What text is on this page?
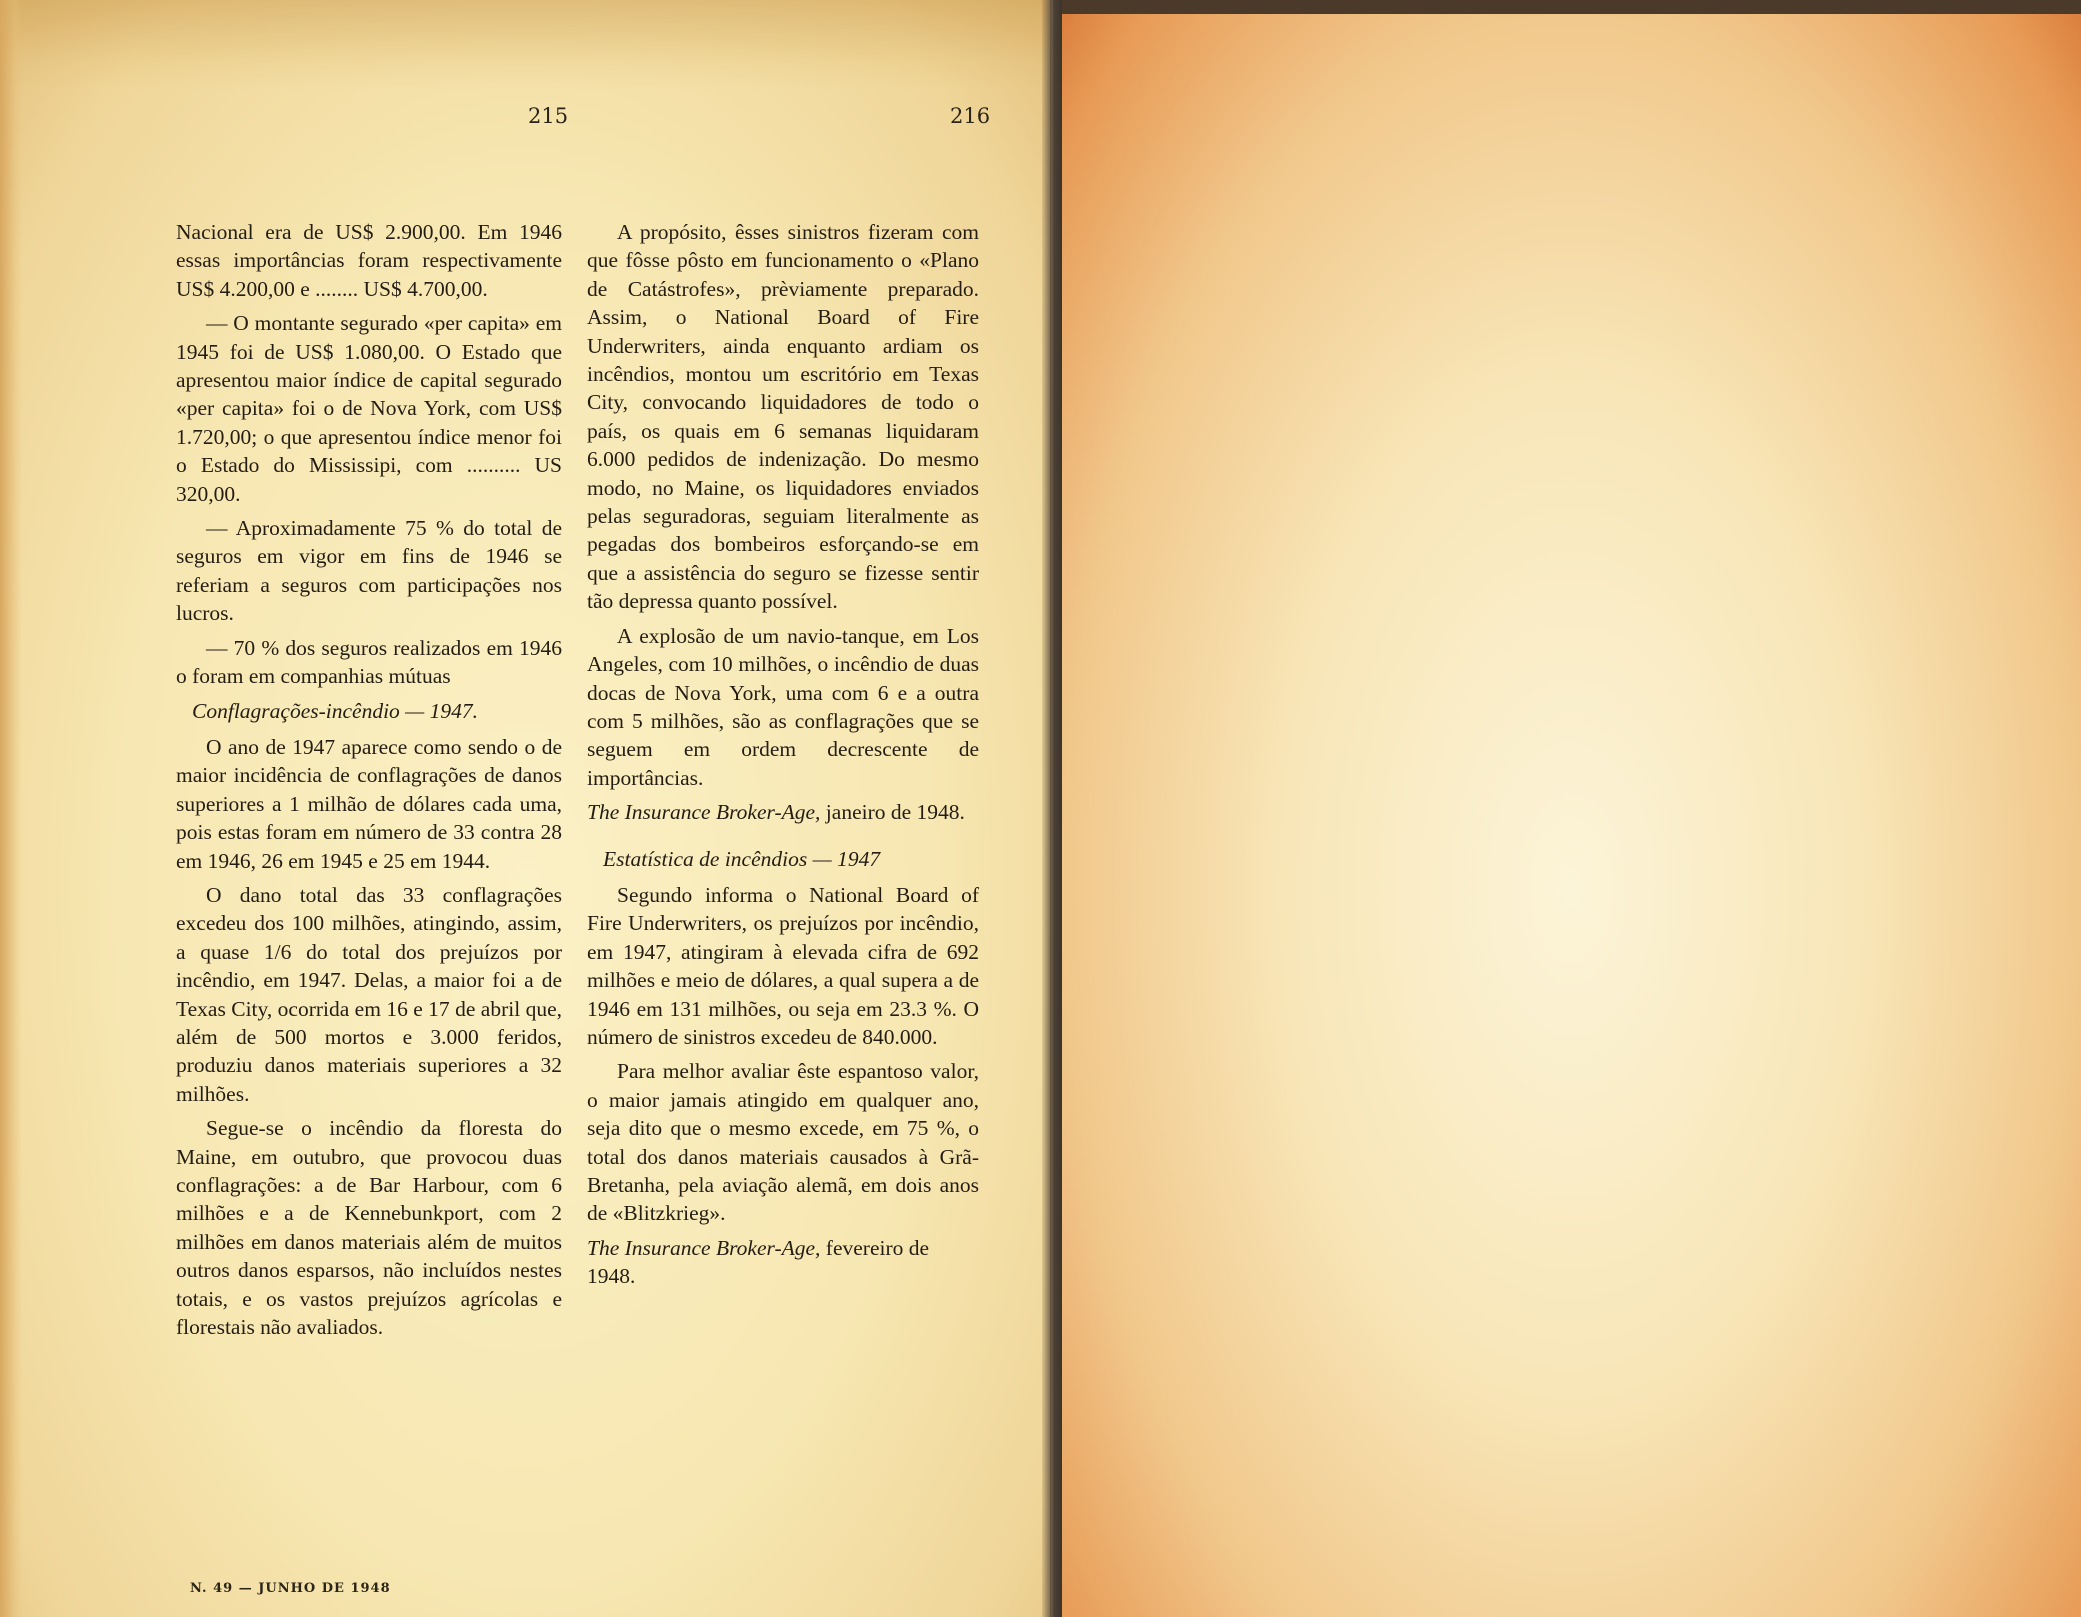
215	216

Nacional era de US$ 2.900,00. Em 1946 essas importâncias foram respectivamente US$ 4.200,00 e ........ US$ 4.700,00.

— O montante segurado «per capita» em 1945 foi de US$ 1.080,00. O Estado que apresentou maior índice de capital segurado «per capita» foi o de Nova York, com US$ 1.720,00; o que apresentou índice menor foi o Estado do Mississipi, com .......... US 320,00.

— Aproximadamente 75 % do total de seguros em vigor em fins de 1946 se referiam a seguros com participações nos lucros.

— 70 % dos seguros realizados em 1946 o foram em companhias mútuas

Conflagrações-incêndio — 1947.

O ano de 1947 aparece como sendo o de maior incidência de conflagrações de danos superiores a 1 milhão de dólares cada uma, pois estas foram em número de 33 contra 28 em 1946, 26 em 1945 e 25 em 1944.

O dano total das 33 conflagrações excedeu dos 100 milhões, atingindo, assim, a quase 1/6 do total dos prejuízos por incêndio, em 1947. Delas, a maior foi a de Texas City, ocorrida em 16 e 17 de abril que, além de 500 mortos e 3.000 feridos, produziu danos materiais superiores a 32 milhões.

Segue-se o incêndio da floresta do Maine, em outubro, que provocou duas conflagrações: a de Bar Harbour, com 6 milhões e a de Kennebunkport, com 2 milhões em danos materiais além de muitos outros danos esparsos, não incluídos nestes totais, e os vastos prejuízos agrícolas e florestais não avaliados.

A propósito, êsses sinistros fizeram com que fôsse pôsto em funcionamento o «Plano de Catástrofes», prèviamente preparado. Assim, o National Board of Fire Underwriters, ainda enquanto ardiam os incêndios, montou um escritório em Texas City, convocando liquidadores de todo o país, os quais em 6 semanas liquidaram 6.000 pedidos de indenização. Do mesmo modo, no Maine, os liquidadores enviados pelas seguradoras, seguiam literalmente as pegadas dos bombeiros esforçando-se em que a assistência do seguro se fizesse sentir tão depressa quanto possível.

A explosão de um navio-tanque, em Los Angeles, com 10 milhões, o incêndio de duas docas de Nova York, uma com 6 e a outra com 5 milhões, são as conflagrações que se seguem em ordem decrescente de importâncias.

The Insurance Broker-Age, janeiro de 1948.

Estatística de incêndios — 1947

Segundo informa o National Board of Fire Underwriters, os prejuízos por incêndio, em 1947, atingiram à elevada cifra de 692 milhões e meio de dólares, a qual supera a de 1946 em 131 milhões, ou seja em 23.3 %. O número de sinistros excedeu de 840.000.

Para melhor avaliar êste espantoso valor, o maior jamais atingido em qualquer ano, seja dito que o mesmo excede, em 75 %, o total dos danos materiais causados à Grã-Bretanha, pela aviação alemã, em dois anos de «Blitzkrieg».

The Insurance Broker-Age, fevereiro de 1948.

N. 49 — JUNHO DE 1948
